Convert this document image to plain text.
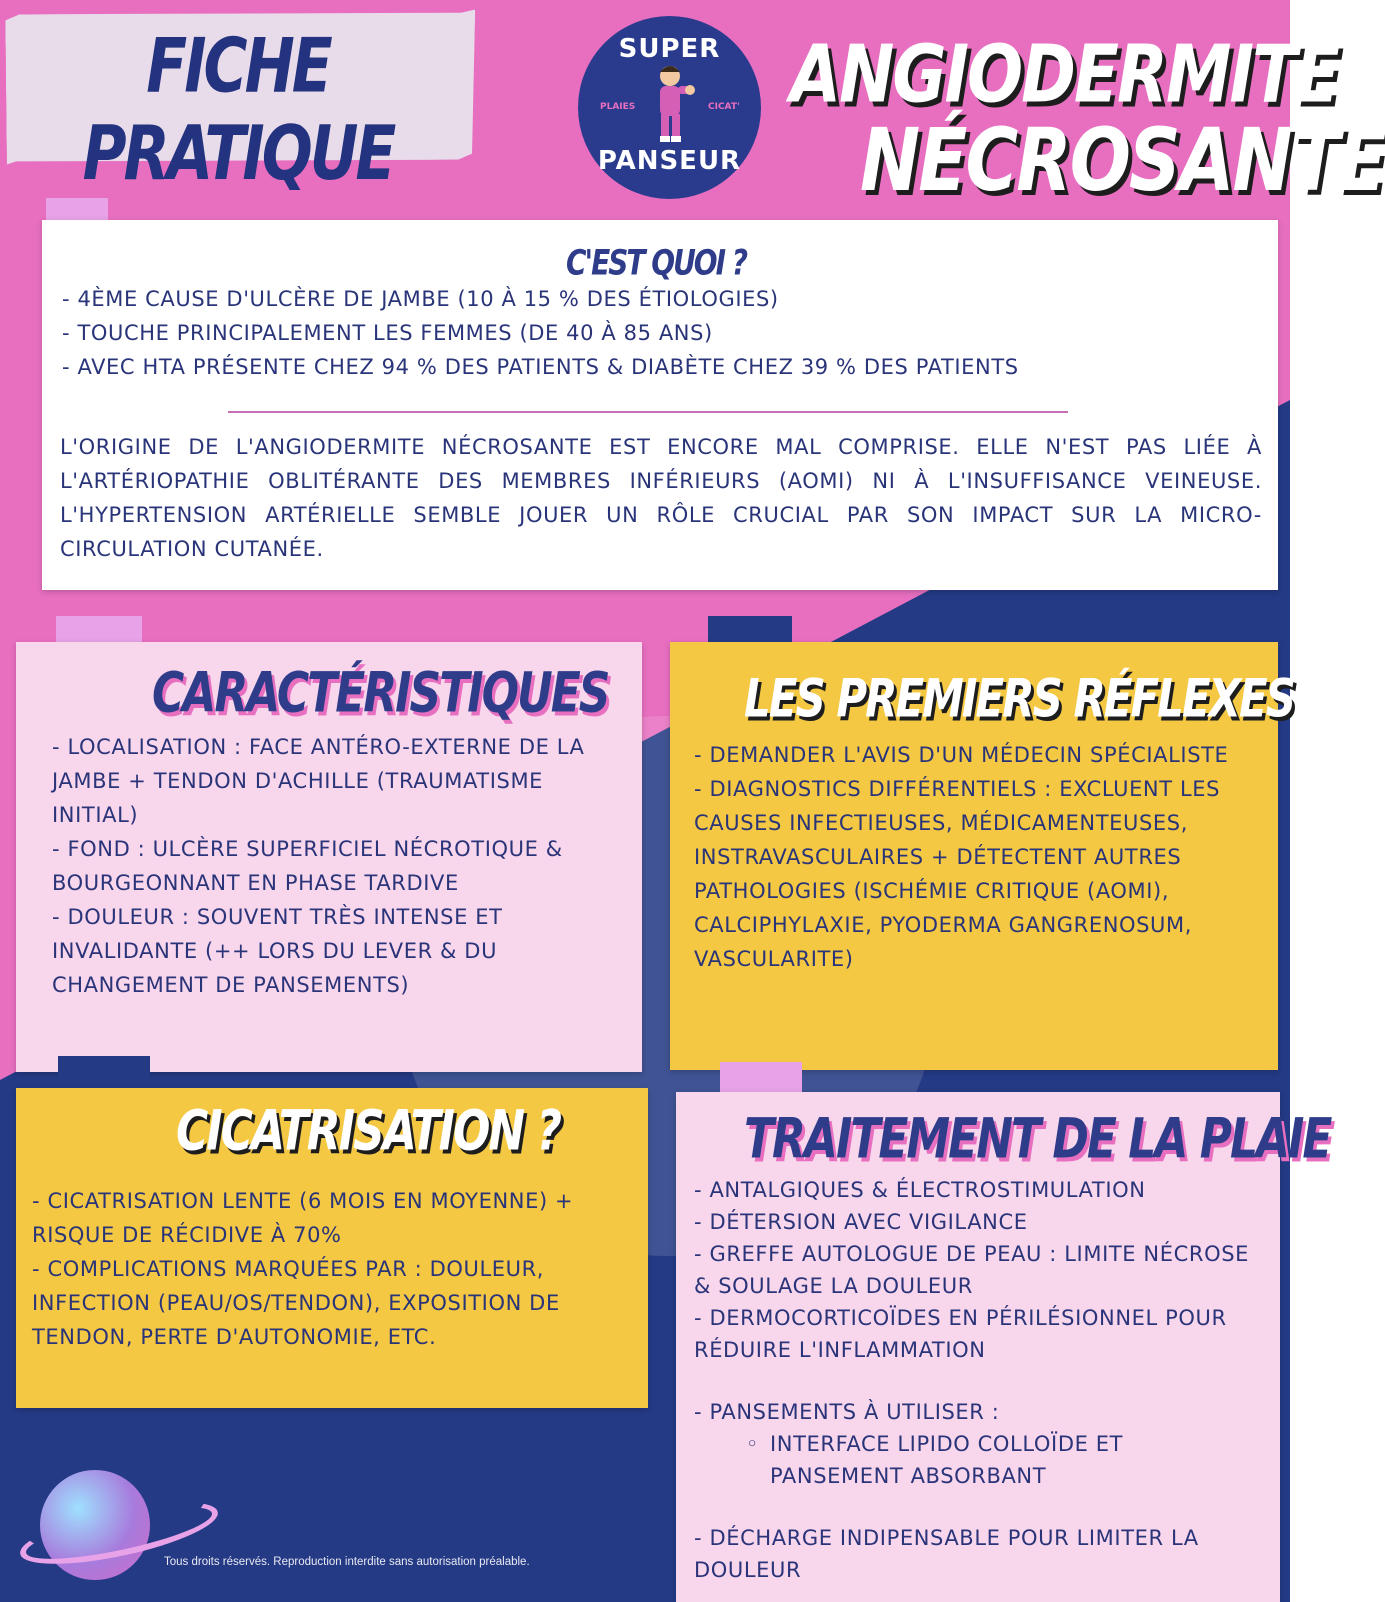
FICHE PRATIQUE
SUPER
PLAIES	CICAT'
PANSEUR
ANGIODERMITE
NÉCROSANTE
C'EST QUOI ?

- 4ÈME CAUSE D'ULCÈRE DE JAMBE (10 À 15 % DES ÉTIOLOGIES)

- TOUCHE PRINCIPALEMENT LES FEMMES (DE 40 À 85 ANS)

- AVEC HTA PRÉSENTE CHEZ 94 % DES PATIENTS & DIABÈTE CHEZ 39 % DES PATIENTS

L'ORIGINE DE L'ANGIODERMITE NÉCROSANTE EST ENCORE MAL COMPRISE. ELLE N'EST PAS LIÉE À L'ARTÉRIOPATHIE OBLITÉRANTE DES MEMBRES INFÉRIEURS (AOMI) NI À L'INSUFFISANCE VEINEUSE. L'HYPERTENSION ARTÉRIELLE SEMBLE JOUER UN RÔLE CRUCIAL PAR SON IMPACT SUR LA MICRO-CIRCULATION CUTANÉE.
CARACTÉRISTIQUES

- LOCALISATION : FACE ANTÉRO-EXTERNE DE LA JAMBE + TENDON D'ACHILLE (TRAUMATISME INITIAL)

- FOND : ULCÈRE SUPERFICIEL NÉCROTIQUE & BOURGEONNANT EN PHASE TARDIVE

- DOULEUR : SOUVENT TRÈS INTENSE ET INVALIDANTE (++ LORS DU LEVER & DU CHANGEMENT DE PANSEMENTS)

LES PREMIERS RÉFLEXES

- DEMANDER L'AVIS D'UN MÉDECIN SPÉCIALISTE

- DIAGNOSTICS DIFFÉRENTIELS : EXCLUENT LES CAUSES INFECTIEUSES, MÉDICAMENTEUSES, INSTRAVASCULAIRES + DÉTECTENT AUTRES PATHOLOGIES (ISCHÉMIE CRITIQUE (AOMI), CALCIPHYLAXIE, PYODERMA GANGRENOSUM, VASCULARITE)

CICATRISATION ?

- CICATRISATION LENTE (6 MOIS EN MOYENNE) + RISQUE DE RÉCIDIVE À 70%

- COMPLICATIONS MARQUÉES PAR : DOULEUR, INFECTION (PEAU/OS/TENDON), EXPOSITION DE TENDON, PERTE D'AUTONOMIE, ETC.

TRAITEMENT DE LA PLAIE

- ANTALGIQUES & ÉLECTROSTIMULATION

- DÉTERSION AVEC VIGILANCE

- GREFFE AUTOLOGUE DE PEAU : LIMITE NÉCROSE & SOULAGE LA DOULEUR

- DERMOCORTICOÏDES EN PÉRILÉSIONNEL POUR RÉDUIRE L'INFLAMMATION

- PANSEMENTS À UTILISER :

◦ INTERFACE LIPIDO COLLOÏDE ET PANSEMENT ABSORBANT

- DÉCHARGE INDIPENSABLE POUR LIMITER LA DOULEUR

Tous droits réservés. Reproduction interdite sans autorisation préalable.
